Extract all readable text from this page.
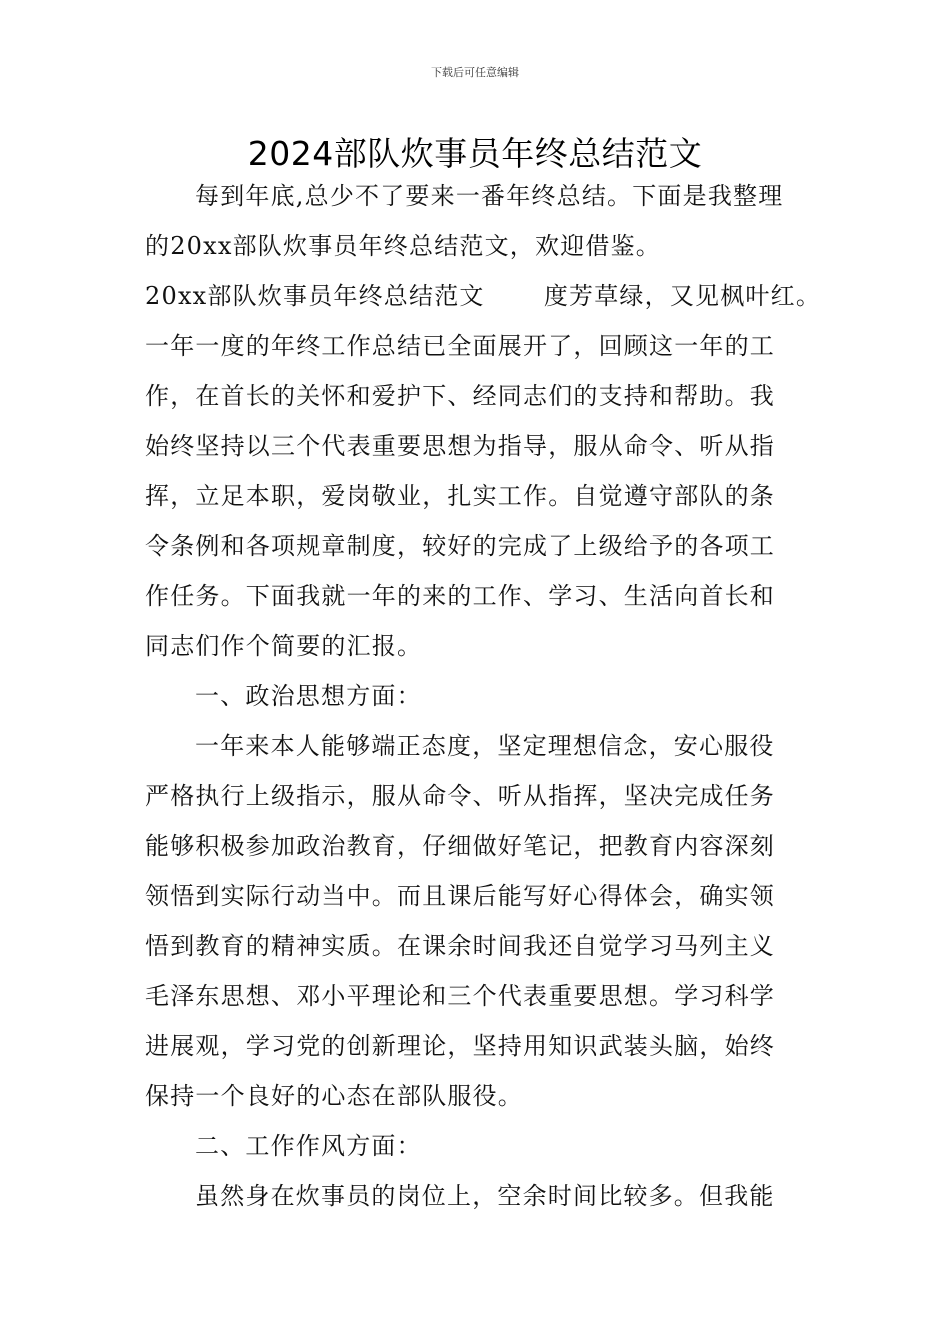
下载后可任意编辑
2024部队炊事员年终总结范文
每到年底,总少不了要来一番年终总结。下面是我整理
的20xx部队炊事员年终总结范文，欢迎借鉴。
20xx部队炊事员年终总结范文 　　度芳草绿，又见枫叶红。
一年一度的年终工作总结已全面展开了，回顾这一年的工
作，在首长的关怀和爱护下、经同志们的支持和帮助。我
始终坚持以三个代表重要思想为指导，服从命令、听从指
挥，立足本职，爱岗敬业，扎实工作。自觉遵守部队的条
令条例和各项规章制度，较好的完成了上级给予的各项工
作任务。下面我就一年的来的工作、学习、生活向首长和
同志们作个简要的汇报。
一、政治思想方面：
一年来本人能够端正态度，坚定理想信念，安心服役
严格执行上级指示，服从命令、听从指挥，坚决完成任务
能够积极参加政治教育，仔细做好笔记，把教育内容深刻
领悟到实际行动当中。而且课后能写好心得体会，确实领
悟到教育的精神实质。在课余时间我还自觉学习马列主义
毛泽东思想、邓小平理论和三个代表重要思想。学习科学
进展观，学习党的创新理论，坚持用知识武装头脑，始终
保持一个良好的心态在部队服役。
二、工作作风方面：
虽然身在炊事员的岗位上，空余时间比较多。但我能
